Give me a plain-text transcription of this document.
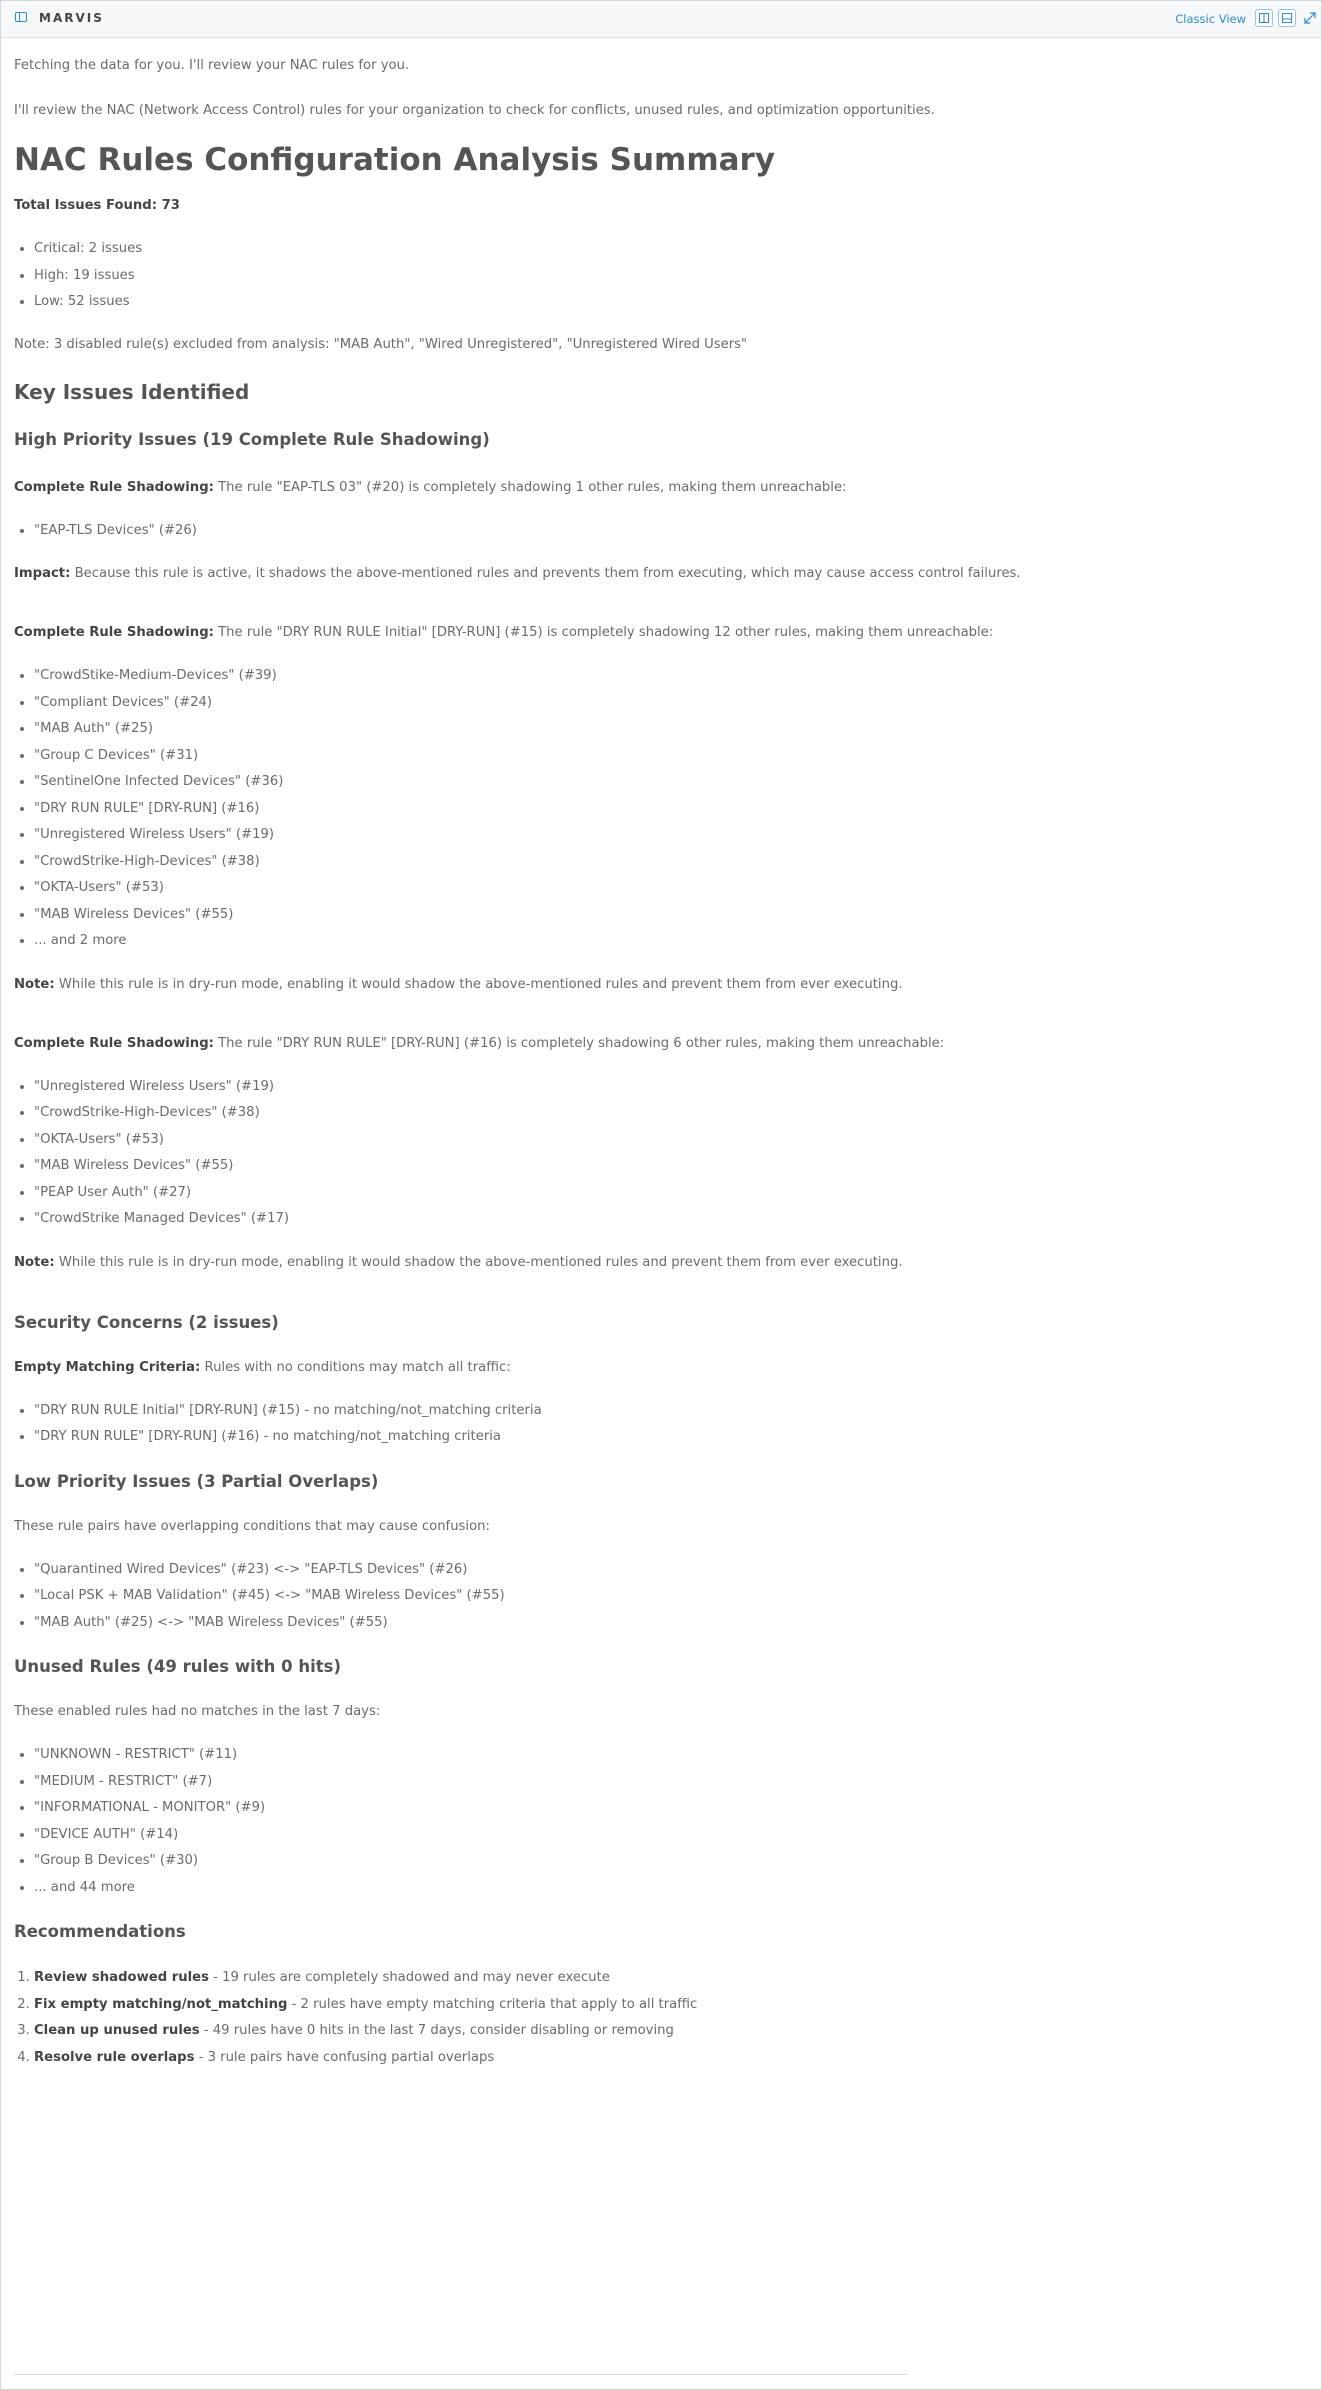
MARVIS	Classic View

Fetching the data for you. I'll review your NAC rules for you.

I'll review the NAC (Network Access Control) rules for your organization to check for conflicts, unused rules, and optimization opportunities.

NAC Rules Configuration Analysis Summary

Total Issues Found: 73

• Critical: 2 issues
• High: 19 issues
• Low: 52 issues

Note: 3 disabled rule(s) excluded from analysis: "MAB Auth", "Wired Unregistered", "Unregistered Wired Users"

Key Issues Identified
High Priority Issues (19 Complete Rule Shadowing)

Complete Rule Shadowing: The rule "EAP-TLS 03" (#20) is completely shadowing 1 other rules, making them unreachable:

• "EAP-TLS Devices" (#26)

Impact: Because this rule is active, it shadows the above-mentioned rules and prevents them from executing, which may cause access control failures.

Complete Rule Shadowing: The rule "DRY RUN RULE Initial" [DRY-RUN] (#15) is completely shadowing 12 other rules, making them unreachable:

• "CrowdStike-Medium-Devices" (#39)
• "Compliant Devices" (#24)
• "MAB Auth" (#25)
• "Group C Devices" (#31)
• "SentinelOne Infected Devices" (#36)
• "DRY RUN RULE" [DRY-RUN] (#16)
• "Unregistered Wireless Users" (#19)
• "CrowdStrike-High-Devices" (#38)
• "OKTA-Users" (#53)
• "MAB Wireless Devices" (#55)
• ... and 2 more

Note: While this rule is in dry-run mode, enabling it would shadow the above-mentioned rules and prevent them from ever executing.

Complete Rule Shadowing: The rule "DRY RUN RULE" [DRY-RUN] (#16) is completely shadowing 6 other rules, making them unreachable:

• "Unregistered Wireless Users" (#19)
• "CrowdStrike-High-Devices" (#38)
• "OKTA-Users" (#53)
• "MAB Wireless Devices" (#55)
• "PEAP User Auth" (#27)
• "CrowdStrike Managed Devices" (#17)

Note: While this rule is in dry-run mode, enabling it would shadow the above-mentioned rules and prevent them from ever executing.

Security Concerns (2 issues)

Empty Matching Criteria: Rules with no conditions may match all traffic:

• "DRY RUN RULE Initial" [DRY-RUN] (#15) - no matching/not_matching criteria
• "DRY RUN RULE" [DRY-RUN] (#16) - no matching/not_matching criteria
Low Priority Issues (3 Partial Overlaps)

These rule pairs have overlapping conditions that may cause confusion:

• "Quarantined Wired Devices" (#23) <-> "EAP-TLS Devices" (#26)
• "Local PSK + MAB Validation" (#45) <-> "MAB Wireless Devices" (#55)
• "MAB Auth" (#25) <-> "MAB Wireless Devices" (#55)
Unused Rules (49 rules with 0 hits)

These enabled rules had no matches in the last 7 days:

• "UNKNOWN - RESTRICT" (#11)
• "MEDIUM - RESTRICT" (#7)
• "INFORMATIONAL - MONITOR" (#9)
• "DEVICE AUTH" (#14)
• "Group B Devices" (#30)
• ... and 44 more
Recommendations
1. Review shadowed rules - 19 rules are completely shadowed and may never execute
2. Fix empty matching/not_matching - 2 rules have empty matching criteria that apply to all traffic
3. Clean up unused rules - 49 rules have 0 hits in the last 7 days, consider disabling or removing
4. Resolve rule overlaps - 3 rule pairs have confusing partial overlaps
